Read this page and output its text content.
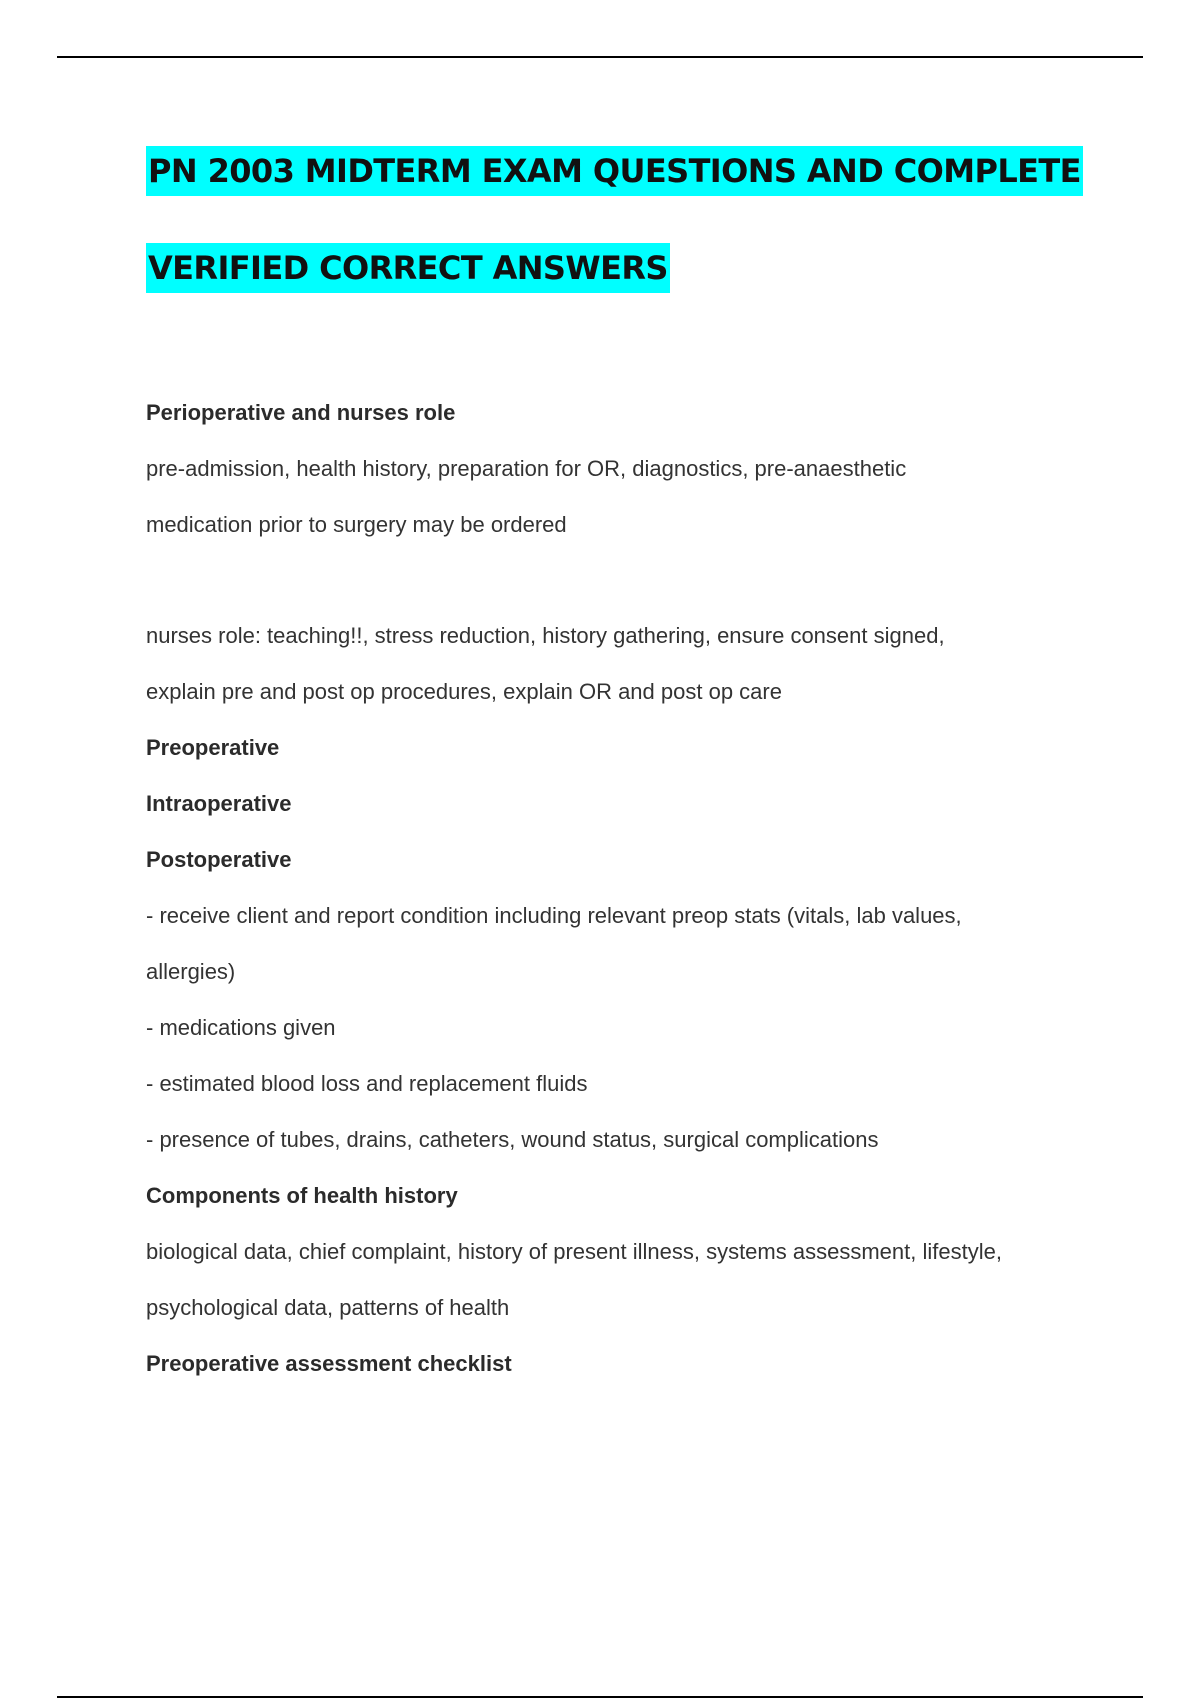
PN 2003 MIDTERM EXAM QUESTIONS AND COMPLETE
VERIFIED CORRECT ANSWERS
Perioperative and nurses role
pre-admission, health history, preparation for OR, diagnostics, pre-anaesthetic
medication prior to surgery may be ordered
nurses role: teaching!!, stress reduction, history gathering, ensure consent signed,
explain pre and post op procedures, explain OR and post op care
Preoperative
Intraoperative
Postoperative
- receive client and report condition including relevant preop stats (vitals, lab values,
allergies)
- medications given
- estimated blood loss and replacement fluids
- presence of tubes, drains, catheters, wound status, surgical complications
Components of health history
biological data, chief complaint, history of present illness, systems assessment, lifestyle,
psychological data, patterns of health
Preoperative assessment checklist
